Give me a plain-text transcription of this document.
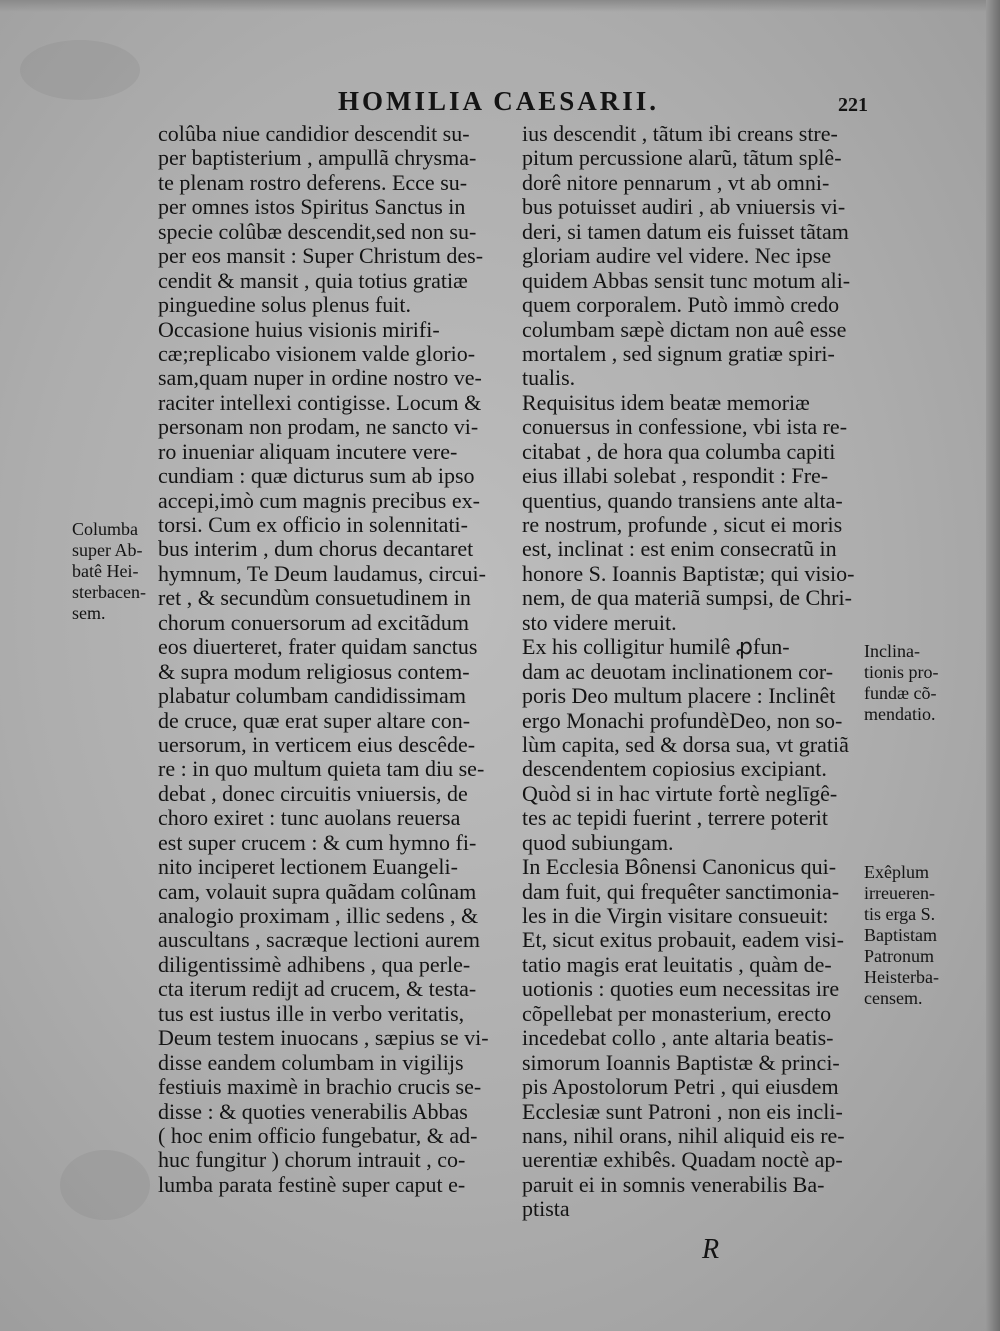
HOMILIA CAESARII.	221
colûba niue candidior descendit su-
per baptisterium , ampullã chrysma-
te plenam rostro deferens. Ecce su-
per omnes istos Spiritus Sanctus in
specie colûbæ descendit,sed non su-
per eos mansit : Super Christum des-
cendit & mansit , quia totius gratiæ
pinguedine solus plenus fuit.
Occasione huius visionis mirifi-
cæ;replicabo visionem valde glorio-
sam,quam nuper in ordine nostro ve-
raciter intellexi contigisse. Locum &
personam non prodam, ne sancto vi-
ro inueniar aliquam incutere vere-
cundiam : quæ dicturus sum ab ipso
accepi,imò cum magnis precibus ex-
torsi. Cum ex officio in solennitati-
bus interim , dum chorus decantaret
hymnum, Te Deum laudamus, circui-
ret , & secundùm consuetudinem in
chorum conuersorum ad excitãdum
eos diuerteret, frater quidam sanctus
& supra modum religiosus contem-
plabatur columbam candidissimam
de cruce, quæ erat super altare con-
uersorum, in verticem eius descêde-
re : in quo multum quieta tam diu se-
debat , donec circuitis vniuersis, de
choro exiret : tunc auolans reuersa
est super crucem : & cum hymno fi-
nito inciperet lectionem Euangeli-
cam, volauit supra quãdam colûnam
analogio proximam , illic sedens , &
auscultans , sacræque lectioni aurem
diligentissimè adhibens , qua perle-
cta iterum rediјt ad crucem, & testa-
tus est iustus ille in verbo veritatis,
Deum testem inuocans , sæpius se vi-
disse eandem columbam in vigilijs
festiuis maximè in brachio crucis se-
disse : & quoties venerabilis Abbas
( hoc enim officio fungebatur, & ad-
huc fungitur ) chorum intrauit , co-
lumba parata festinè super caput e-
ius descendit , tãtum ibi creans stre-
pitum percussione alarũ, tãtum splê-
dorê nitore pennarum , vt ab omni-
bus potuisset audiri , ab vniuersis vi-
deri, si tamen datum eis fuisset tãtam
gloriam audire vel videre. Nec ipse
quidem Abbas sensit tunc motum ali-
quem corporalem. Putò immò credo
columbam sæpè dictam non auê esse
mortalem , sed signum gratiæ spiri-
tualis.
Requisitus idem beatæ memoriæ
conuersus in confessione, vbi ista re-
citabat , de hora qua columba capiti
eius illabi solebat , respondit : Fre-
quentius, quando transiens ante alta-
re nostrum, profunde , sicut ei moris
est, inclinat : est enim consecratũ in
honore S. Ioannis Baptistæ; qui visio-
nem, de qua materiã sumpsi, de Chri-
sto videre meruit.
Ex his colligitur humilê ꝓfun-
dam ac deuotam inclinationem cor-
poris Deo multum placere : Inclinêt
ergo Monachi profundèDeo, non so-
lùm capita, sed & dorsa sua, vt gratiã
descendentem copiosius excipiant.
Quòd si in hac virtute fortè neglīgê-
tes ac tepidi fuerint , terrere poterit
quod subiungam.
In Ecclesia Bônensi Canonicus qui-
dam fuit, qui frequêter sanctimonia-
les in die Virgin visitare consueuit:
Et, sicut exitus probauit, eadem visi-
tatio magis erat leuitatis , quàm de-
uotionis : quoties eum necessitas ire
cõpellebat per monasterium, erecto
incedebat collo , ante altaria beatis-
simorum Ioannis Baptistæ & princi-
pis Apostolorum Petri , qui eiusdem
Ecclesiæ sunt Patroni , non eis incli-
nans, nihil orans, nihil aliquid eis re-
uerentiæ exhibês. Quadam noctè ap-
paruit ei in somnis venerabilis Ba-
ptista
Columba
super Ab-
batê Hei-
sterbacen-
sem.
Inclina-
tionis pro-
fundæ cõ-
mendatio.
Exêplum
irreueren-
tis erga S.
Baptistam
Patronum
Heisterba-
censem.
R
